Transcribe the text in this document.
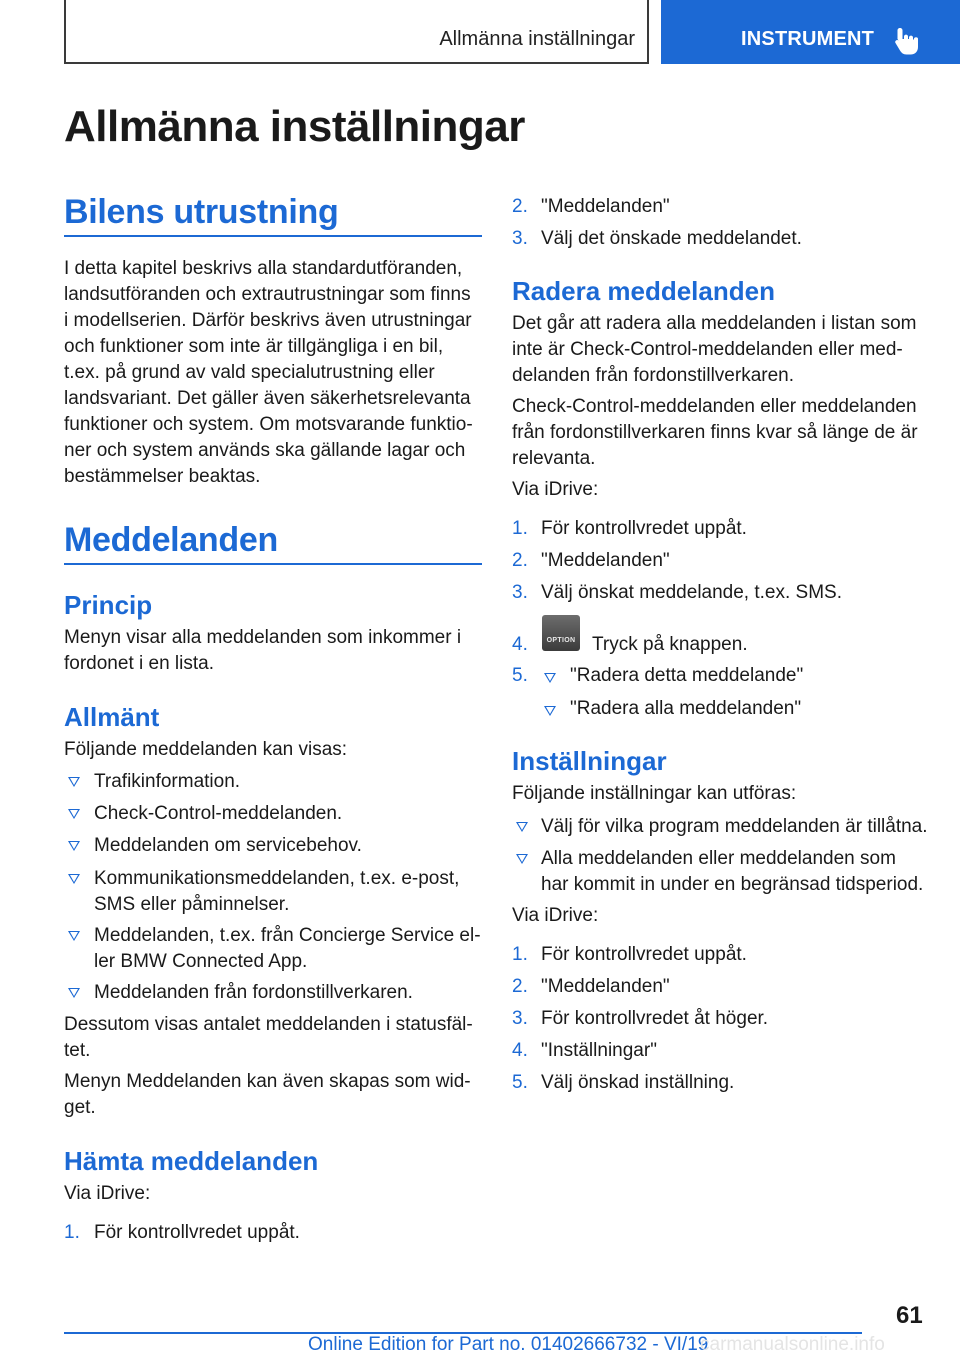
Allmänna inställningar	INSTRUMENT
Allmänna inställningar
Bilens utrustning
I detta kapitel beskrivs alla standardutföranden,
landsutföranden och extrautrustningar som finns
i modellserien. Därför beskrivs även utrustningar
och funktioner som inte är tillgängliga i en bil,
t.ex. på grund av vald specialutrustning eller
landsvariant. Det gäller även säkerhetsrelevanta
funktioner och system. Om motsvarande funktio-
ner och system används ska gällande lagar och
bestämmelser beaktas.
Meddelanden
Princip
Menyn visar alla meddelanden som inkommer i
fordonet i en lista.
Allmänt
Följande meddelanden kan visas:
Trafikinformation.
Check-Control-meddelanden.
Meddelanden om servicebehov.
Kommunikationsmeddelanden, t.ex. e-post,
SMS eller påminnelser.
Meddelanden, t.ex. från Concierge Service el-
ler BMW Connected App.
Meddelanden från fordonstillverkaren.
Dessutom visas antalet meddelanden i statusfäl-
tet.
Menyn Meddelanden kan även skapas som wid-
get.
Hämta meddelanden
Via iDrive:
1. För kontrollvredet uppåt.
2. "Meddelanden"
3. Välj det önskade meddelandet.
Radera meddelanden
Det går att radera alla meddelanden i listan som
inte är Check-Control-meddelanden eller med-
delanden från fordonstillverkaren.
Check-Control-meddelanden eller meddelanden
från fordonstillverkaren finns kvar så länge de är
relevanta.
Via iDrive:
1. För kontrollvredet uppåt.
2. "Meddelanden"
3. Välj önskat meddelande, t.ex. SMS.
4.	OPTION Tryck på knappen.
5. "Radera detta meddelande"
"Radera alla meddelanden"
Inställningar
Följande inställningar kan utföras:
Välj för vilka program meddelanden är tillåtna.
Alla meddelanden eller meddelanden som
har kommit in under en begränsad tidsperiod.
Via iDrive:
1. För kontrollvredet uppåt.
2. "Meddelanden"
3. För kontrollvredet åt höger.
4. "Inställningar"
5. Välj önskad inställning.
61
Online Edition for Part no. 01402666732 - VI/19
carmanualsonline.info
